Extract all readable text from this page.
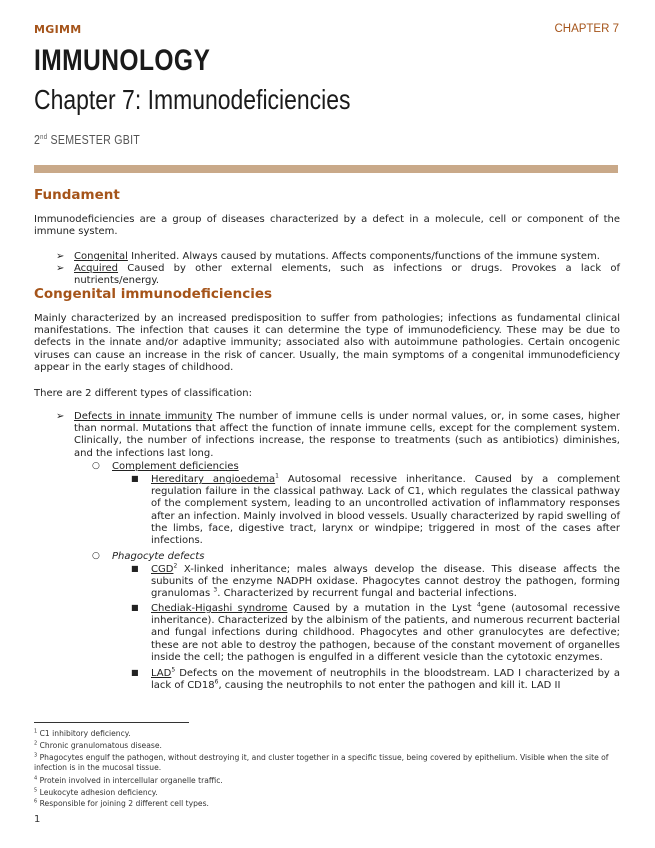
MGIMM	CHAPTER 7
IMMUNOLOGY
Chapter 7: Immunodeficiencies
2nd SEMESTER GBIT
Fundament
Immunodeficiencies are a group of diseases characterized by a defect in a molecule, cell or component of the immune system.
➢ Congenital Inherited. Always caused by mutations. Affects components/functions of the immune system.
➢ Acquired Caused by other external elements, such as infections or drugs. Provokes a lack of nutrients/energy.
Congenital immunodeficiencies
Mainly characterized by an increased predisposition to suffer from pathologies; infections as fundamental clinical manifestations. The infection that causes it can determine the type of immunodeficiency. These may be due to defects in the innate and/or adaptive immunity; associated also with autoimmune pathologies. Certain oncogenic viruses can cause an increase in the risk of cancer. Usually, the main symptoms of a congenital immunodeficiency appear in the early stages of childhood.
There are 2 different types of classification:
➢ Defects in innate immunity The number of immune cells is under normal values, or, in some cases, higher than normal. Mutations that affect the function of innate immune cells, except for the complement system. Clinically, the number of infections increase, the response to treatments (such as antibiotics) diminishes, and the infections last long.
○ Complement deficiencies
■ Hereditary angioedema$^1$ Autosomal recessive inheritance. Caused by a complement regulation failure in the classical pathway. Lack of C1, which regulates the classical pathway of the complement system, leading to an uncontrolled activation of inflammatory responses after an infection. Mainly involved in blood vessels. Usually characterized by rapid swelling of the limbs, face, digestive tract, larynx or windpipe; triggered in most of the cases after infections.
○ Phagocyte defects
■ CGD$^2$ X-linked inheritance; males always develop the disease. This disease affects the subunits of the enzyme NADPH oxidase. Phagocytes cannot destroy the pathogen, forming granulomas $^3$. Characterized by recurrent fungal and bacterial infections.
■ Chediak-Higashi syndrome Caused by a mutation in the Lyst $^4$gene (autosomal recessive inheritance). Characterized by the albinism of the patients, and numerous recurrent bacterial and fungal infections during childhood. Phagocytes and other granulocytes are defective; these are not able to destroy the pathogen, because of the constant movement of organelles inside the cell; the pathogen is engulfed in a different vesicle than the cytotoxic enzymes.
■ LAD$^5$ Defects on the movement of neutrophils in the bloodstream. LAD I characterized by a lack of $CD18^6$, causing the neutrophils to not enter the pathogen and kill it. LAD II
$^1$ C1 inhibitory deficiency.
$^2$ Chronic granulomatous disease.
$^3$ Phagocytes engulf the pathogen, without destroying it, and cluster together in a specific tissue, being covered by epithelium. Visible when the site of infection is in the mucosal tissue.
$^4$ Protein involved in intercellular organelle traffic.
$^5$ Leukocyte adhesion deficiency.
$^6$ Responsible for joining 2 different cell types.
1
